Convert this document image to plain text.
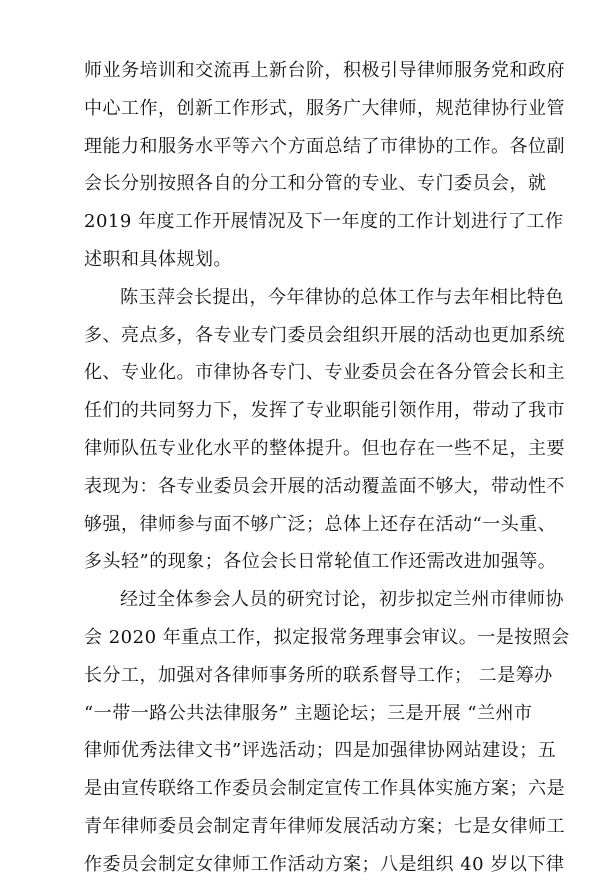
师业务培训和交流再上新台阶，积极引导律师服务党和政府
中心工作，创新工作形式，服务广大律师，规范律协行业管
理能力和服务水平等六个方面总结了市律协的工作。各位副
会长分别按照各自的分工和分管的专业、专门委员会，就
2019 年度工作开展情况及下一年度的工作计划进行了工作
述职和具体规划。
陈玉萍会长提出，今年律协的总体工作与去年相比特色
多、亮点多，各专业专门委员会组织开展的活动也更加系统
化、专业化。市律协各专门、专业委员会在各分管会长和主
任们的共同努力下，发挥了专业职能引领作用，带动了我市
律师队伍专业化水平的整体提升。但也存在一些不足，主要
表现为：各专业委员会开展的活动覆盖面不够大，带动性不
够强，律师参与面不够广泛；总体上还存在活动“一头重、
多头轻”的现象；各位会长日常轮值工作还需改进加强等。
经过全体参会人员的研究讨论，初步拟定兰州市律师协
会 2020 年重点工作，拟定报常务理事会审议。一是按照会
长分工，加强对各律师事务所的联系督导工作； 二是筹办
“一带一路公共法律服务” 主题论坛；三是开展 “兰州市
律师优秀法律文书”评选活动；四是加强律协网站建设；五
是由宣传联络工作委员会制定宣传工作具体实施方案；六是
青年律师委员会制定青年律师发展活动方案；七是女律师工
作委员会制定女律师工作活动方案；八是组织 40 岁以下律
